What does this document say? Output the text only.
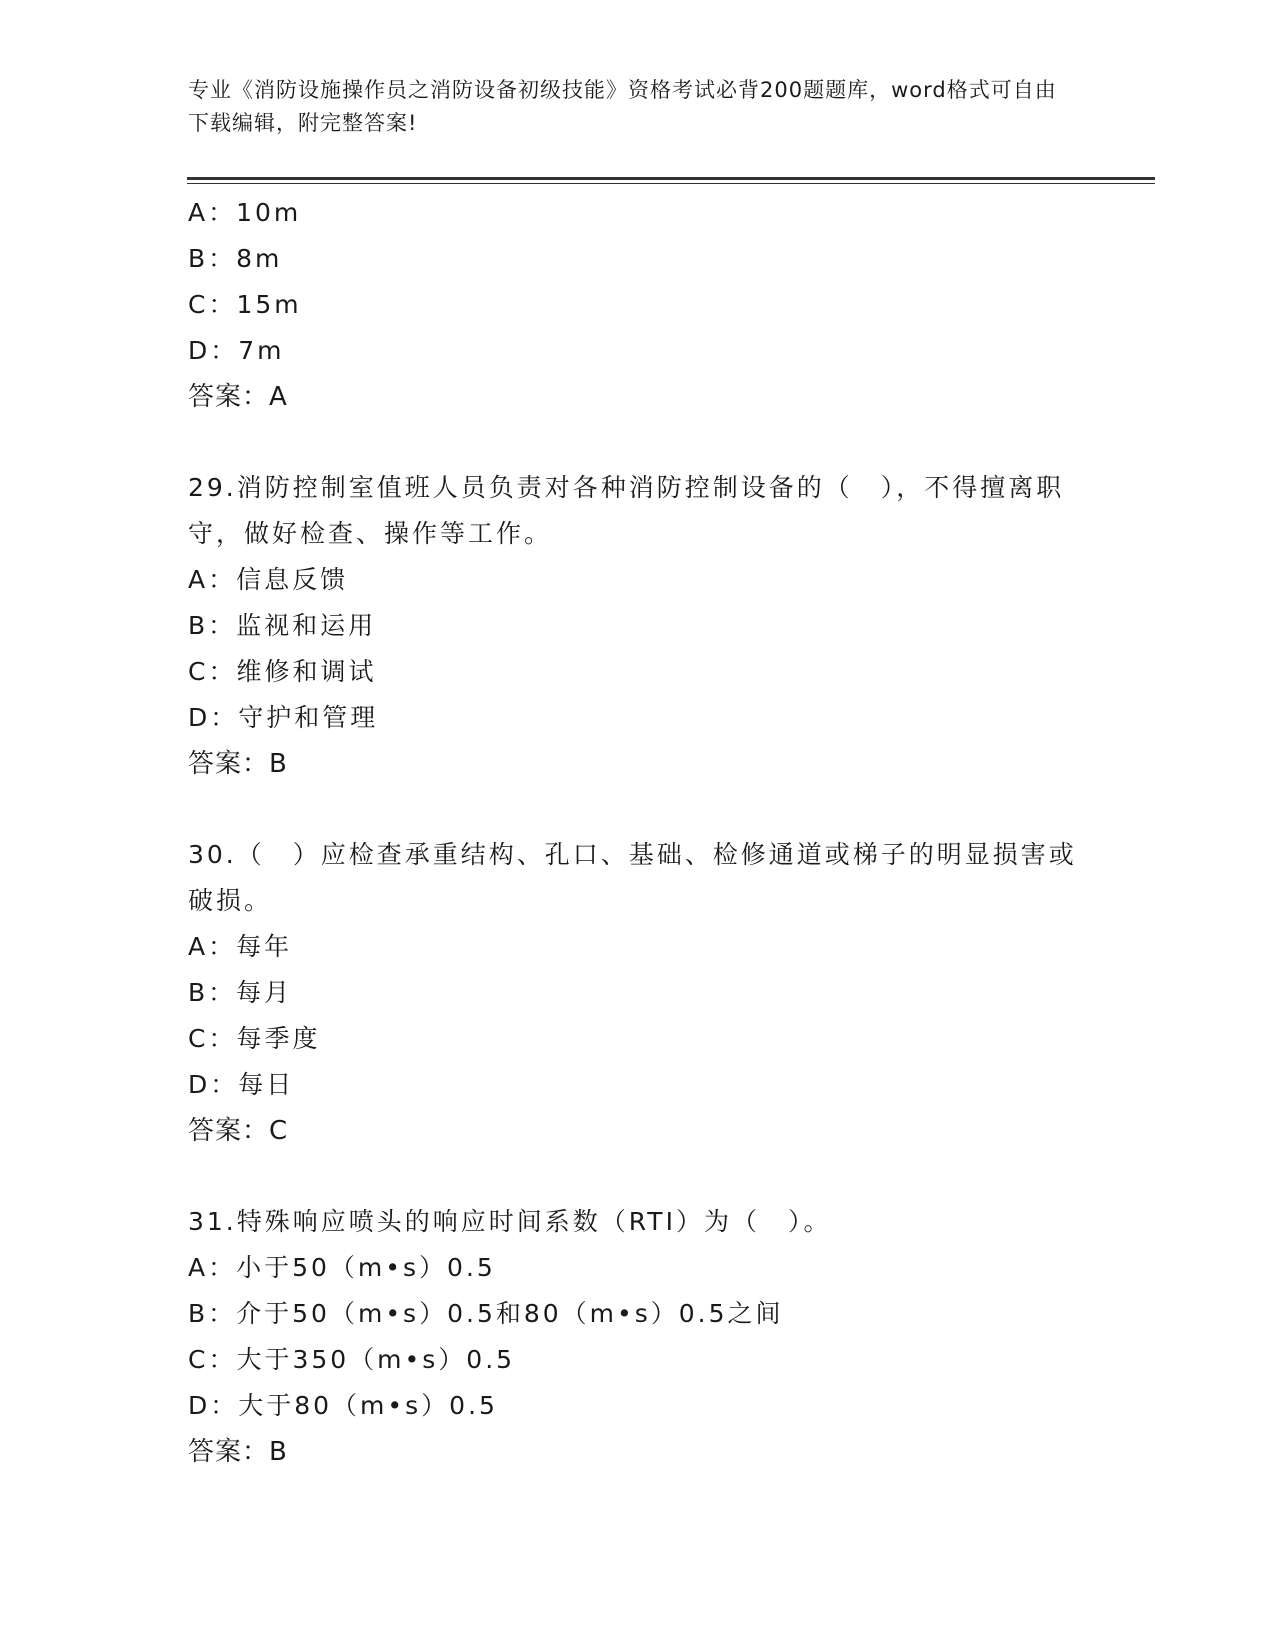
专业《消防设施操作员之消防设备初级技能》资格考试必背200题题库，word格式可自由下载编辑，附完整答案!
A：10m
B：8m
C：15m
D：7m
答案：A
29.消防控制室值班人员负责对各种消防控制设备的（　），不得擅离职守，做好检查、操作等工作。
A：信息反馈
B：监视和运用
C：维修和调试
D：守护和管理
答案：B
30.（　）应检查承重结构、孔口、基础、检修通道或梯子的明显损害或破损。
A：每年
B：每月
C：每季度
D：每日
答案：C
31.特殊响应喷头的响应时间系数（RTI）为（　）。
A：小于50（m•s）0.5
B：介于50（m•s）0.5和80（m•s）0.5之间
C：大于350（m•s）0.5
D：大于80（m•s）0.5
答案：B
